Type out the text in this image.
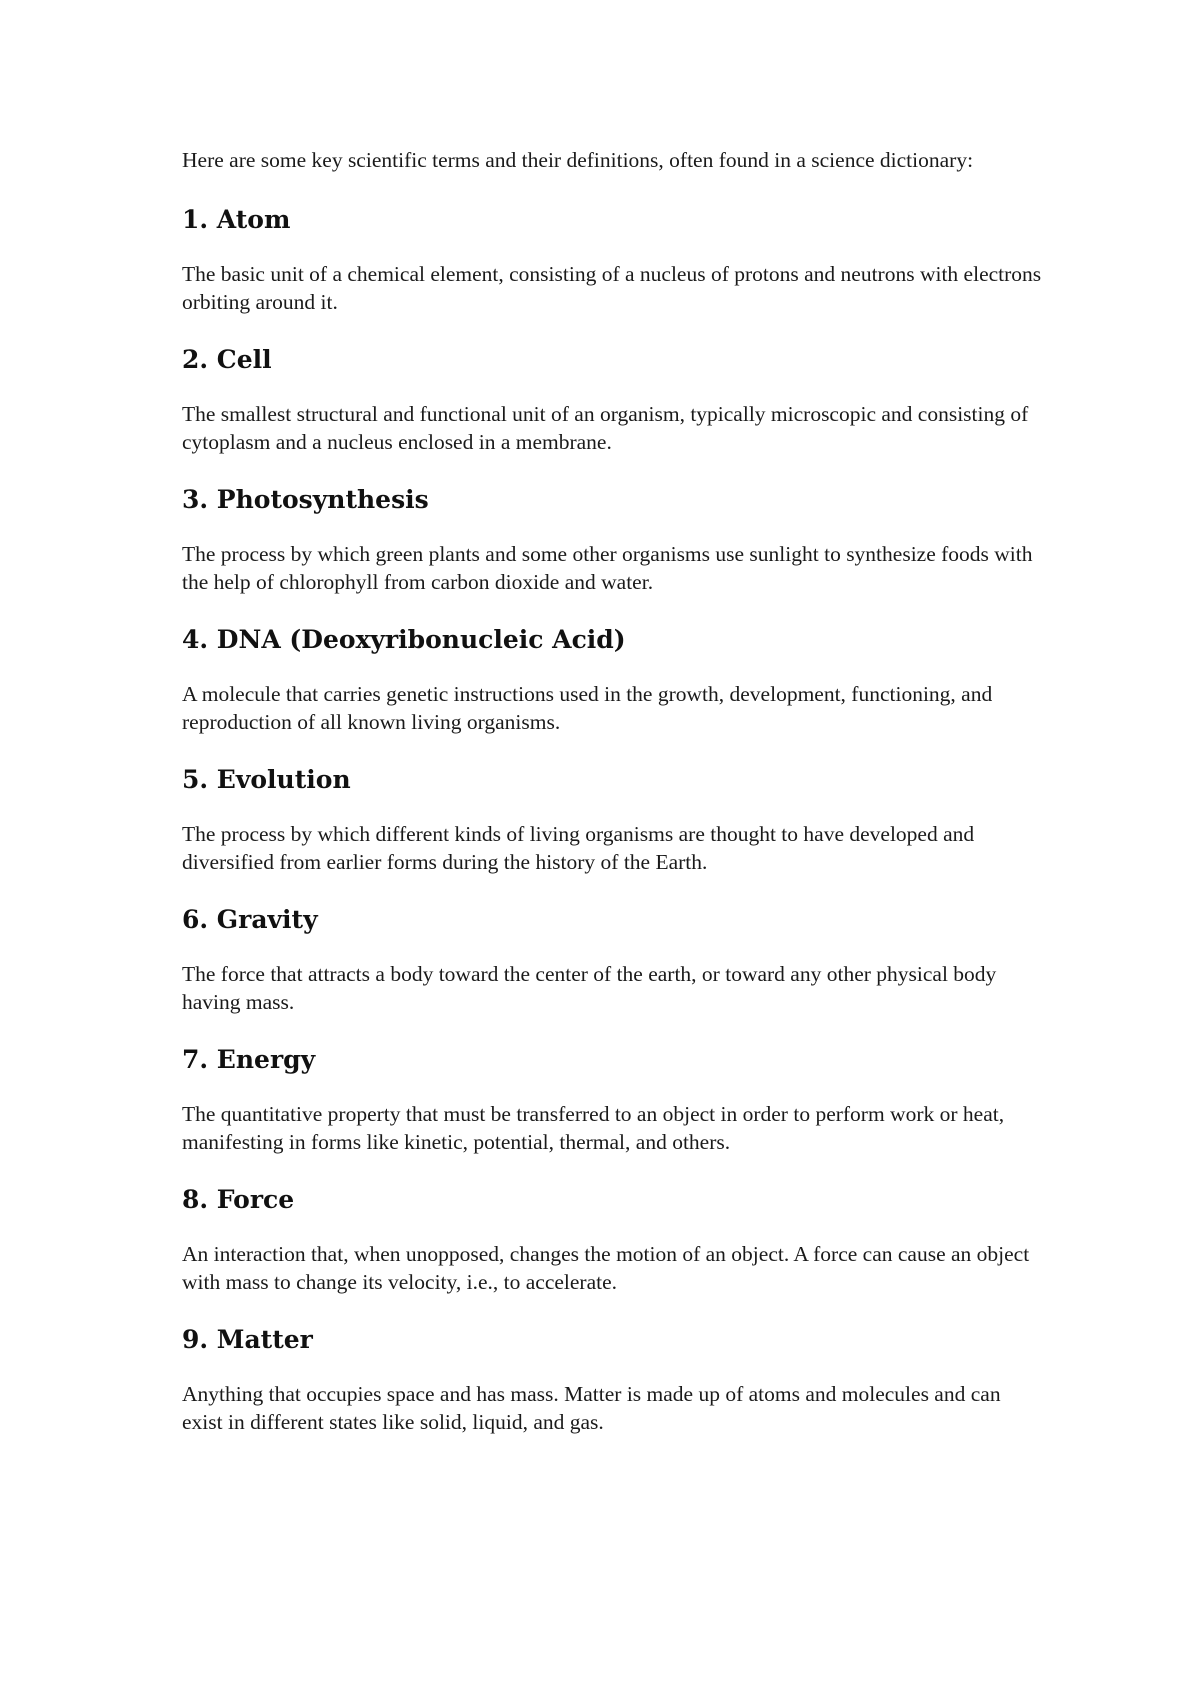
Here are some key scientific terms and their definitions, often found in a science dictionary:

1. Atom

The basic unit of a chemical element, consisting of a nucleus of protons and neutrons with electrons orbiting around it.

2. Cell

The smallest structural and functional unit of an organism, typically microscopic and consisting of cytoplasm and a nucleus enclosed in a membrane.

3. Photosynthesis

The process by which green plants and some other organisms use sunlight to synthesize foods with the help of chlorophyll from carbon dioxide and water.

4. DNA (Deoxyribonucleic Acid)

A molecule that carries genetic instructions used in the growth, development, functioning, and reproduction of all known living organisms.

5. Evolution

The process by which different kinds of living organisms are thought to have developed and diversified from earlier forms during the history of the Earth.

6. Gravity

The force that attracts a body toward the center of the earth, or toward any other physical body having mass.

7. Energy

The quantitative property that must be transferred to an object in order to perform work or heat, manifesting in forms like kinetic, potential, thermal, and others.

8. Force

An interaction that, when unopposed, changes the motion of an object. A force can cause an object with mass to change its velocity, i.e., to accelerate.

9. Matter

Anything that occupies space and has mass. Matter is made up of atoms and molecules and can exist in different states like solid, liquid, and gas.
